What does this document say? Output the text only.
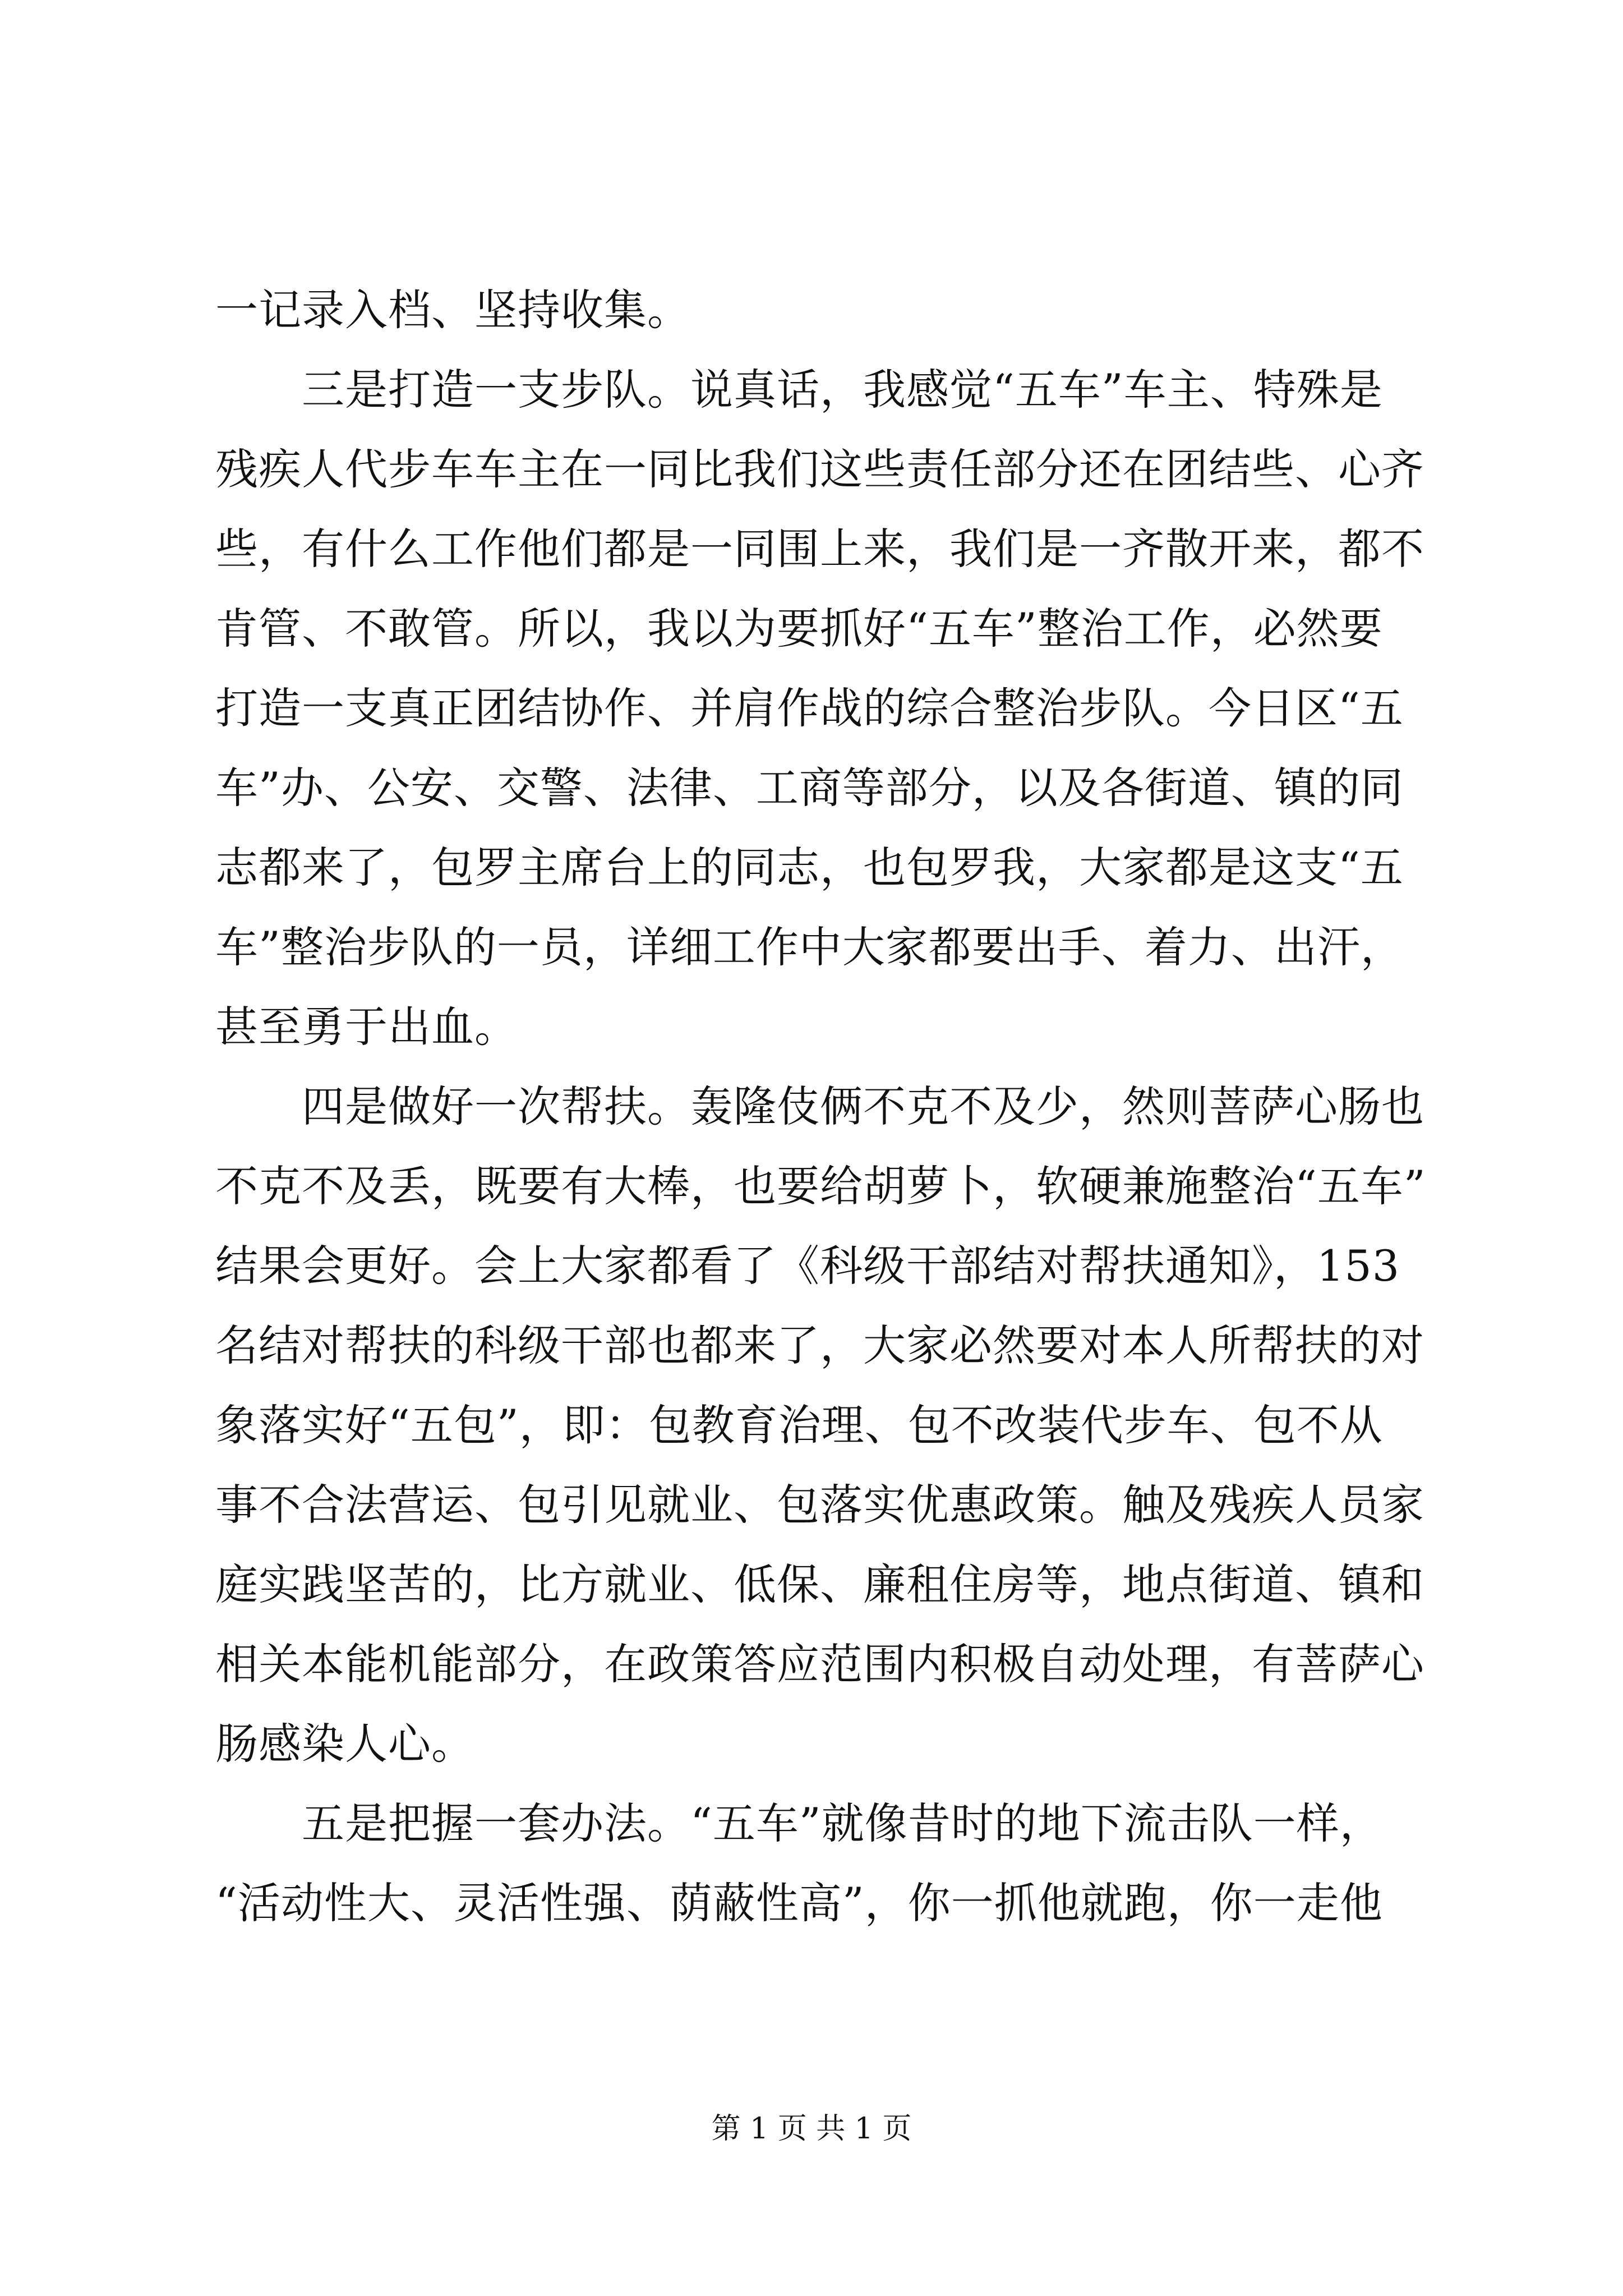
一记录入档、坚持收集。
　　三是打造一支步队。说真话，我感觉“五车”车主、特殊是
残疾人代步车车主在一同比我们这些责任部分还在团结些、心齐
些，有什么工作他们都是一同围上来，我们是一齐散开来，都不
肯管、不敢管。所以，我以为要抓好“五车”整治工作，必然要
打造一支真正团结协作、并肩作战的综合整治步队。今日区“五
车”办、公安、交警、法律、工商等部分，以及各街道、镇的同
志都来了，包罗主席台上的同志，也包罗我，大家都是这支“五
车”整治步队的一员，详细工作中大家都要出手、着力、出汗，
甚至勇于出血。
　　四是做好一次帮扶。轰隆伎俩不克不及少，然则菩萨心肠也
不克不及丢，既要有大棒，也要给胡萝卜，软硬兼施整治“五车”
结果会更好。会上大家都看了《科级干部结对帮扶通知》，153
名结对帮扶的科级干部也都来了，大家必然要对本人所帮扶的对
象落实好“五包”，即：包教育治理、包不改装代步车、包不从
事不合法营运、包引见就业、包落实优惠政策。触及残疾人员家
庭实践坚苦的，比方就业、低保、廉租住房等，地点街道、镇和
相关本能机能部分，在政策答应范围内积极自动处理，有菩萨心
肠感染人心。
　　五是把握一套办法。“五车”就像昔时的地下流击队一样，
“活动性大、灵活性强、荫蔽性高”，你一抓他就跑，你一走他
第 1 页 共 1 页
